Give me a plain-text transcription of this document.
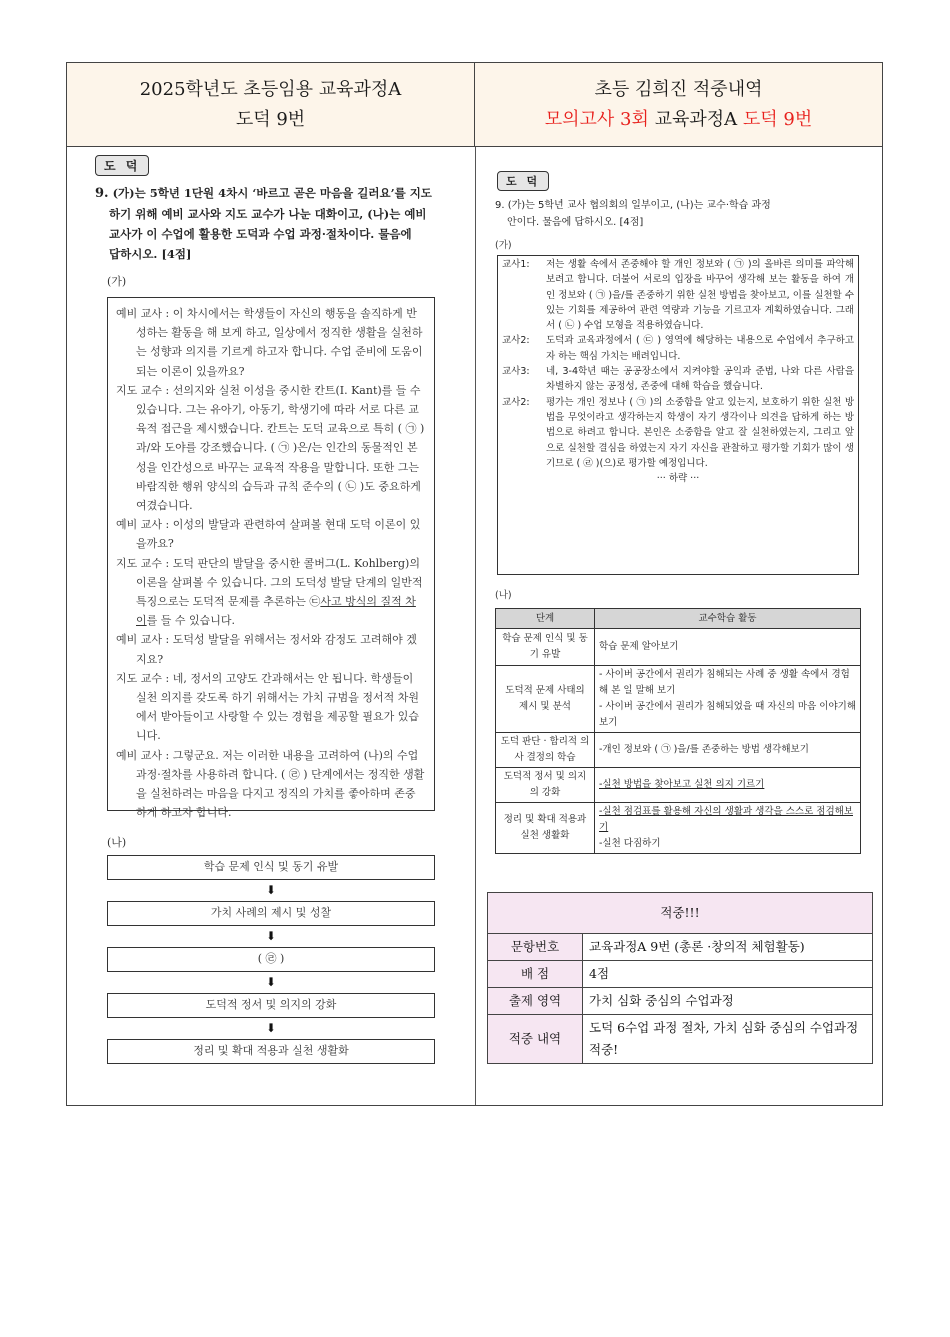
2025학년도 초등임용 교육과정A
도덕 9번
초등 김희진 적중내역
모의고사 3회 교육과정A 도덕 9번
도 덕
9. (가)는 5학년 1단원 4차시 ‘바르고 곧은 마음을 길러요’를 지도
하기 위해 예비 교사와 지도 교수가 나눈 대화이고, (나)는 예비
교사가 이 수업에 활용한 도덕과 수업 과정·절차이다. 물음에
답하시오. [4점]
(가)

예비 교사 : 이 차시에서는 학생들이 자신의 행동을 솔직하게 반성하는 활동을 해 보게 하고, 일상에서 정직한 생활을 실천하는 성향과 의지를 기르게 하고자 합니다. 수업 준비에 도움이 되는 이론이 있을까요?

지도 교수 : 선의지와 실천 이성을 중시한 칸트(I. Kant)를 들 수 있습니다. 그는 유아기, 아동기, 학생기에 따라 서로 다른 교육적 접근을 제시했습니다. 칸트는 도덕 교육으로 특히 ( ㉠ )과/와 도야를 강조했습니다. ( ㉠ )은/는 인간의 동물적인 본성을 인간성으로 바꾸는 교육적 작용을 말합니다. 또한 그는 바람직한 행위 양식의 습득과 규칙 준수의 ( ㉡ )도 중요하게 여겼습니다.

예비 교사 : 이성의 발달과 관련하여 살펴볼 현대 도덕 이론이 있을까요?

지도 교수 : 도덕 판단의 발달을 중시한 콜버그(L. Kohlberg)의 이론을 살펴볼 수 있습니다. 그의 도덕성 발달 단계의 일반적 특징으로는 도덕적 문제를 추론하는 ㉢사고 방식의 질적 차이를 들 수 있습니다.

예비 교사 : 도덕성 발달을 위해서는 정서와 감정도 고려해야 겠지요?

지도 교수 : 네, 정서의 고양도 간과해서는 안 됩니다. 학생들이 실천 의지를 갖도록 하기 위해서는 가치 규범을 정서적 차원에서 받아들이고 사랑할 수 있는 경험을 제공할 필요가 있습니다.

예비 교사 : 그렇군요. 저는 이러한 내용을 고려하여 (나)의 수업 과정·절차를 사용하려 합니다. ( ㉣ ) 단계에서는 정직한 생활을 실천하려는 마음을 다지고 정직의 가치를 좋아하며 존중하게 하고자 합니다.

(나)
학습 문제 인식 및 동기 유발
⬇
가치 사례의 제시 및 성찰
⬇
( ㉣ )
⬇
도덕적 정서 및 의지의 강화
⬇
정리 및 확대 적용과 실천 생활화
도 덕
9. (가)는 5학년 교사 협의회의 일부이고, (나)는 교수·학습 과정
안이다. 물음에 답하시오. [4점]
(가)

교사1:	저는 생활 속에서 존중해야 할 개인 정보와 ( ㉠ )의 올바른 의미를 파악해보려고 합니다. 더불어 서로의 입장을 바꾸어 생각해 보는 활동을 하여 개인 정보와 ( ㉠ )을/를 존중하기 위한 실천 방법을 찾아보고, 이를 실천할 수 있는 기회를 제공하여 관련 역량과 기능을 기르고자 계획하였습니다. 그래서 ( ㉡ ) 수업 모형을 적용하였습니다.

교사2:	도덕과 교육과정에서 ( ㉢ ) 영역에 해당하는 내용으로 수업에서 추구하고자 하는 핵심 가치는 배려입니다.

교사3:	네, 3-4학년 때는 공공장소에서 지켜야할 공익과 준법, 나와 다른 사람을 차별하지 않는 공정성, 존중에 대해 학습을 했습니다.

교사2:	평가는 개인 정보나 ( ㉠ )의 소중함을 알고 있는지, 보호하기 위한 실천 방법을 무엇이라고 생각하는지 학생이 자기 생각이나 의견을 답하게 하는 방법으로 하려고 합니다. 본인은 소중함을 알고 잘 실천하였는지, 그리고 앞으로 실천할 결심을 하였는지 자기 자신을 관찰하고 평가할 기회가 많이 생기므로 ( ㉣ )(으)로 평가할 예정입니다.

··· 하략 ···
(나)
단계	교수학습 활동
학습 문제 인식 및 동기 유발	학습 문제 알아보기
도덕적 문제 사태의 제시 및 분석	- 사이버 공간에서 권리가 침해되는 사례 중 생활 속에서 경험해 본 일 말해 보기
- 사이버 공간에서 권리가 침해되었을 때 자신의 마음 이야기해보기

도덕 판단 · 합리적 의사 결정의 학습	-개인 정보와 ( ㉠ )을/를 존중하는 방법 생각해보기
도덕적 정서 및 의지의 강화	-실천 방법을 찾아보고 실천 의지 기르기
정리 및 확대 적용과 실천 생활화	-실천 점검표를 활용해 자신의 생활과 생각을 스스로 점검해보기
-실천 다짐하기
적중!!!	
문항번호	교육과정A 9번 (총론 ·창의적 체험활동)
배 점	4점
출제 영역	가치 심화 중심의 수업과정
적중 내역	도덕 6수업 과정 절차, 가치 심화 중심의 수업과정 적중!
